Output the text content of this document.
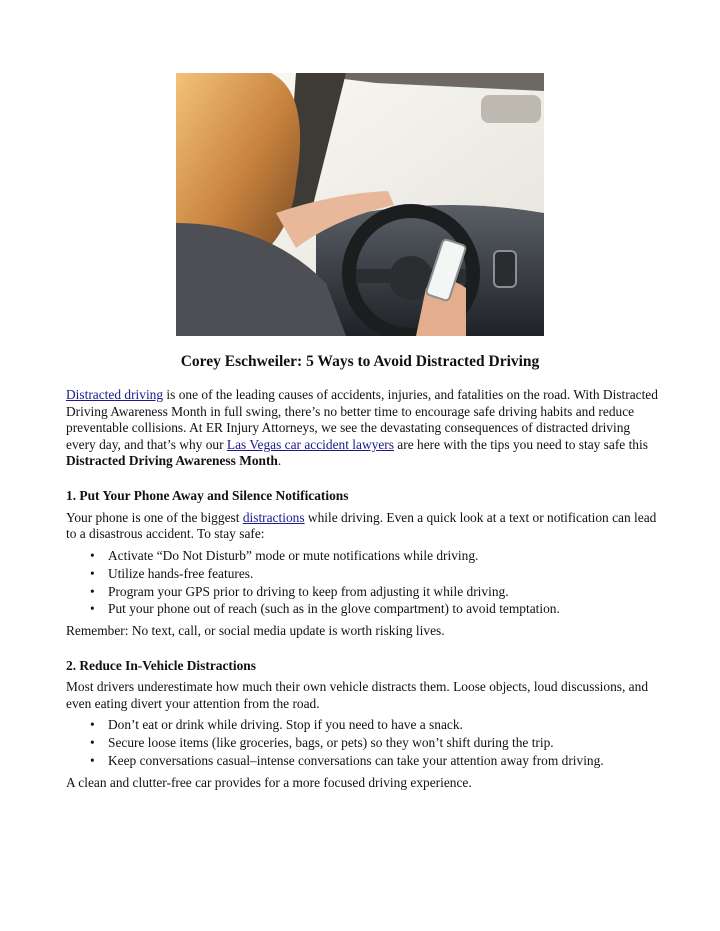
Corey Eschweiler: 5 Ways to Avoid Distracted Driving

Distracted driving is one of the leading causes of accidents, injuries, and fatalities on the road. With Distracted Driving Awareness Month in full swing, there’s no better time to encourage safe driving habits and reduce preventable collisions. At ER Injury Attorneys, we see the devastating consequences of distracted driving every day, and that’s why our Las Vegas car accident lawyers are here with the tips you need to stay safe this Distracted Driving Awareness Month.

1. Put Your Phone Away and Silence Notifications

Your phone is one of the biggest distractions while driving. Even a quick look at a text or notification can lead to a disastrous accident. To stay safe:

• Activate “Do Not Disturb” mode or mute notifications while driving.
• Utilize hands-free features.
• Program your GPS prior to driving to keep from adjusting it while driving.
• Put your phone out of reach (such as in the glove compartment) to avoid temptation.

Remember: No text, call, or social media update is worth risking lives.

2. Reduce In-Vehicle Distractions

Most drivers underestimate how much their own vehicle distracts them. Loose objects, loud discussions, and even eating divert your attention from the road.

• Don’t eat or drink while driving. Stop if you need to have a snack.
• Secure loose items (like groceries, bags, or pets) so they won’t shift during the trip.
• Keep conversations casual–intense conversations can take your attention away from driving.

A clean and clutter-free car provides for a more focused driving experience.
